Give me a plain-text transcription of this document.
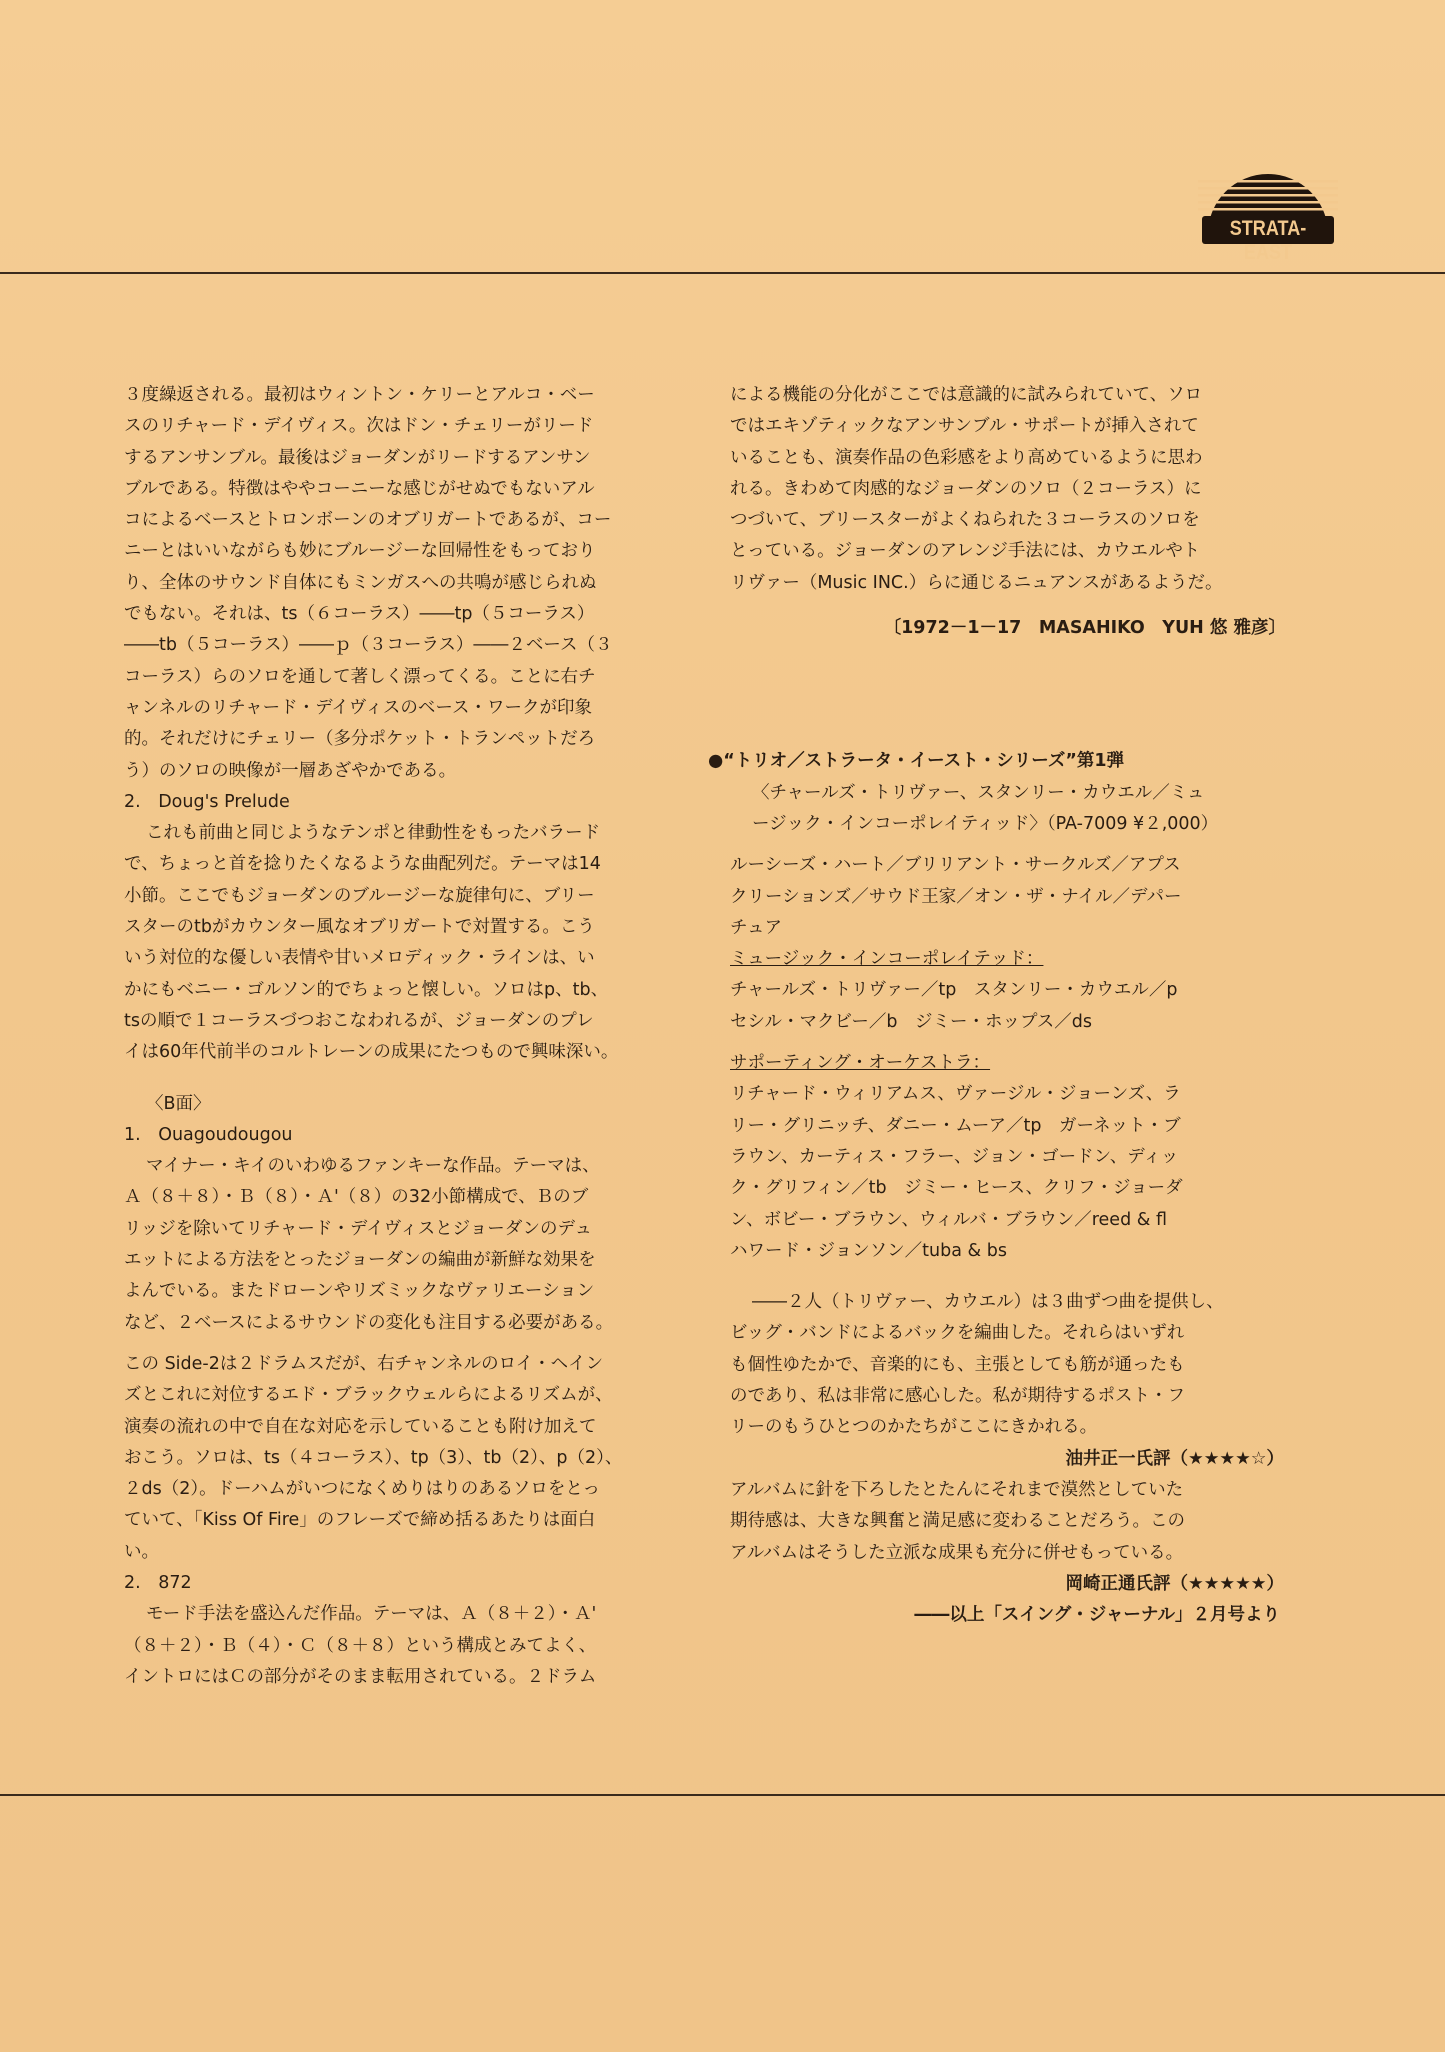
STRATA-EAST

３度繰返される。最初はウィントン・ケリーとアルコ・ベー

スのリチャード・デイヴィス。次はドン・チェリーがリード

するアンサンブル。最後はジョーダンがリードするアンサン

ブルである。特徴はややコーニーな感じがせぬでもないアル

コによるベースとトロンボーンのオブリガートであるが、コー

ニーとはいいながらも妙にブルージーな回帰性をもっており

り、全体のサウンド自体にもミンガスへの共鳴が感じられぬ

でもない。それは、ts（６コーラス）――tp（５コーラス）

――tb（５コーラス）――ｐ（３コーラス）――２ベース（３

コーラス）らのソロを通して著しく漂ってくる。ことに右チ

ャンネルのリチャード・デイヴィスのベース・ワークが印象

的。それだけにチェリー（多分ポケット・トランペットだろ

う）のソロの映像が一層あざやかである。

2.　Doug's Prelude

これも前曲と同じようなテンポと律動性をもったバラード

で、ちょっと首を捻りたくなるような曲配列だ。テーマは14

小節。ここでもジョーダンのブルージーな旋律句に、ブリー

スターのtbがカウンター風なオブリガートで対置する。こう

いう対位的な優しい表情や甘いメロディック・ラインは、い

かにもベニー・ゴルソン的でちょっと懐しい。ソロはp、tb、

tsの順で１コーラスづつおこなわれるが、ジョーダンのプレ

イは60年代前半のコルトレーンの成果にたつもので興味深い。

〈B面〉

1.　Ouagoudougou

マイナー・キイのいわゆるファンキーな作品。テーマは、

Ａ（８＋８）・Ｂ（８）・Ａ'（８）の32小節構成で、Ｂのブ

リッジを除いてリチャード・デイヴィスとジョーダンのデュ

エットによる方法をとったジョーダンの編曲が新鮮な効果を

よんでいる。またドローンやリズミックなヴァリエーション

など、２ベースによるサウンドの変化も注目する必要がある。

この Side-2は２ドラムスだが、右チャンネルのロイ・ヘイン

ズとこれに対位するエド・ブラックウェルらによるリズムが、

演奏の流れの中で自在な対応を示していることも附け加えて

おこう。ソロは、ts（４コーラス）、tp（3）、tb（2）、p（2）、

２ds（2）。ドーハムがいつになくめりはりのあるソロをとっ

ていて、「Kiss Of Fire」のフレーズで締め括るあたりは面白

い。

2.　872

モード手法を盛込んだ作品。テーマは、Ａ（８＋２）・Ａ'

（８＋２）・Ｂ（４）・Ｃ（８＋８）という構成とみてよく、

イントロにはＣの部分がそのまま転用されている。２ドラム

による機能の分化がここでは意識的に試みられていて、ソロ

ではエキゾティックなアンサンブル・サポートが挿入されて

いることも、演奏作品の色彩感をより高めているように思わ

れる。きわめて肉感的なジョーダンのソロ（２コーラス）に

つづいて、ブリースターがよくねられた３コーラスのソロを

とっている。ジョーダンのアレンジ手法には、カウエルやト

リヴァー（Music INC.）らに通じるニュアンスがあるようだ。

〔1972－1－17　MASAHIKO　YUH 悠 雅彦〕

●“トリオ／ストラータ・イースト・シリーズ”第1弾

〈チャールズ・トリヴァー、スタンリー・カウエル／ミュ

ージック・インコーポレイティッド〉（PA-7009 ¥２,000）

ルーシーズ・ハート／ブリリアント・サークルズ／アプス

クリーションズ／サウド王家／オン・ザ・ナイル／デパー

チュア

ミュージック・インコーポレイテッド：

チャールズ・トリヴァー／tp　スタンリー・カウエル／p

セシル・マクビー／b　ジミー・ホップス／ds

サポーティング・オーケストラ：

リチャード・ウィリアムス、ヴァージル・ジョーンズ、ラ

リー・グリニッチ、ダニー・ムーア／tp　ガーネット・ブ

ラウン、カーティス・フラー、ジョン・ゴードン、ディッ

ク・グリフィン／tb　ジミー・ヒース、クリフ・ジョーダ

ン、ボビー・ブラウン、ウィルバ・ブラウン／reed & fl

ハワード・ジョンソン／tuba & bs

――２人（トリヴァー、カウエル）は３曲ずつ曲を提供し、

ビッグ・バンドによるバックを編曲した。それらはいずれ

も個性ゆたかで、音楽的にも、主張としても筋が通ったも

のであり、私は非常に感心した。私が期待するポスト・フ

リーのもうひとつのかたちがここにきかれる。

油井正一氏評（★★★★☆）

アルバムに針を下ろしたとたんにそれまで漠然としていた

期待感は、大きな興奮と満足感に変わることだろう。この

アルバムはそうした立派な成果も充分に併せもっている。

岡崎正通氏評（★★★★★）

――以上「スイング・ジャーナル」２月号より
